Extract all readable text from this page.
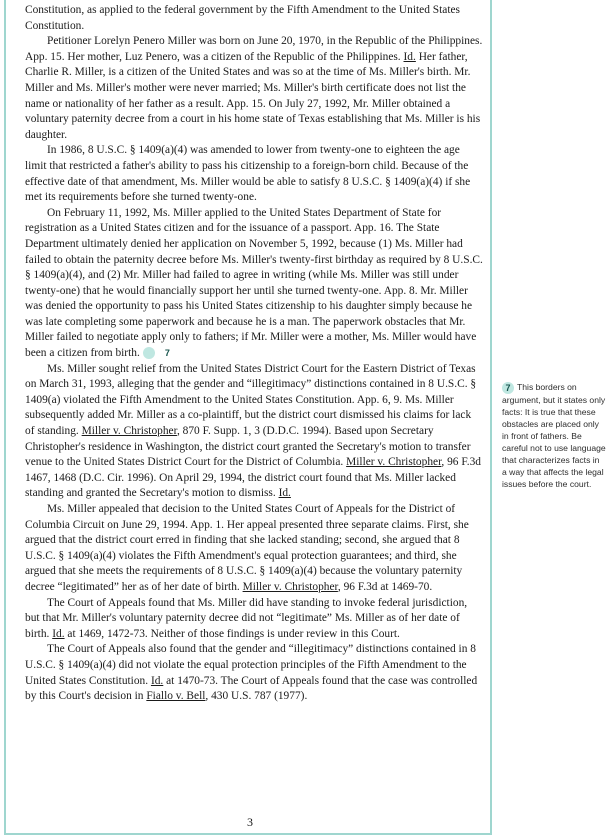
Constitution, as applied to the federal government by the Fifth Amendment to the United States Constitution.

Petitioner Lorelyn Penero Miller was born on June 20, 1970, in the Republic of the Philippines. App. 15. Her mother, Luz Penero, was a citizen of the Republic of the Philippines. Id. Her father, Charlie R. Miller, is a citizen of the United States and was so at the time of Ms. Miller's birth. Mr. Miller and Ms. Miller's mother were never married; Ms. Miller's birth certificate does not list the name or nationality of her father as a result. App. 15. On July 27, 1992, Mr. Miller obtained a voluntary paternity decree from a court in his home state of Texas establishing that Ms. Miller is his daughter.

In 1986, 8 U.S.C. § 1409(a)(4) was amended to lower from twenty-one to eighteen the age limit that restricted a father's ability to pass his citizenship to a foreign-born child. Because of the effective date of that amendment, Ms. Miller would be able to satisfy 8 U.S.C. § 1409(a)(4) if she met its requirements before she turned twenty-one.

On February 11, 1992, Ms. Miller applied to the United States Department of State for registration as a United States citizen and for the issuance of a passport. App. 16. The State Department ultimately denied her application on November 5, 1992, because (1) Ms. Miller had failed to obtain the paternity decree before Ms. Miller's twenty-first birthday as required by 8 U.S.C. § 1409(a)(4), and (2) Mr. Miller had failed to agree in writing (while Ms. Miller was still under twenty-one) that he would financially support her until she turned twenty-one. App. 8. Mr. Miller was denied the opportunity to pass his United States citizenship to his daughter simply because he was late completing some paperwork and because he is a man. The paperwork obstacles that Mr. Miller failed to negotiate apply only to fathers; if Mr. Miller were a mother, Ms. Miller would have been a citizen from birth.	7

Ms. Miller sought relief from the United States District Court for the Eastern District of Texas on March 31, 1993, alleging that the gender and “illegitimacy” distinctions contained in 8 U.S.C. § 1409(a) violated the Fifth Amendment to the United States Constitution. App. 6, 9. Ms. Miller subsequently added Mr. Miller as a co-plaintiff, but the district court dismissed his claims for lack of standing. Miller v. Christopher, 870 F. Supp. 1, 3 (D.D.C. 1994). Based upon Secretary Christopher's residence in Washington, the district court granted the Secretary's motion to transfer venue to the United States District Court for the District of Columbia. Miller v. Christopher, 96 F.3d 1467, 1468 (D.C. Cir. 1996). On April 29, 1994, the district court found that Ms. Miller lacked standing and granted the Secretary's motion to dismiss. Id.

Ms. Miller appealed that decision to the United States Court of Appeals for the District of Columbia Circuit on June 29, 1994. App. 1. Her appeal presented three separate claims. First, she argued that the district court erred in finding that she lacked standing; second, she argued that 8 U.S.C. § 1409(a)(4) violates the Fifth Amendment's equal protection guarantees; and third, she argued that she meets the requirements of 8 U.S.C. § 1409(a)(4) because the voluntary paternity decree “legitimated” her as of her date of birth. Miller v. Christopher, 96 F.3d at 1469-70.

The Court of Appeals found that Ms. Miller did have standing to invoke federal jurisdiction, but that Mr. Miller's voluntary paternity decree did not “legitimate” Ms. Miller as of her date of birth. Id. at 1469, 1472-73. Neither of those findings is under review in this Court.

The Court of Appeals also found that the gender and “illegitimacy” distinctions contained in 8 U.S.C. § 1409(a)(4) did not violate the equal protection principles of the Fifth Amendment to the United States Constitution. Id. at 1470-73. The Court of Appeals found that the case was controlled by this Court's decision in Fiallo v. Bell, 430 U.S. 787 (1977).

3
7 This borders on argument, but it states only facts: It is true that these obstacles are placed only in front of fathers. Be careful not to use language that characterizes facts in a way that affects the legal issues before the court.
